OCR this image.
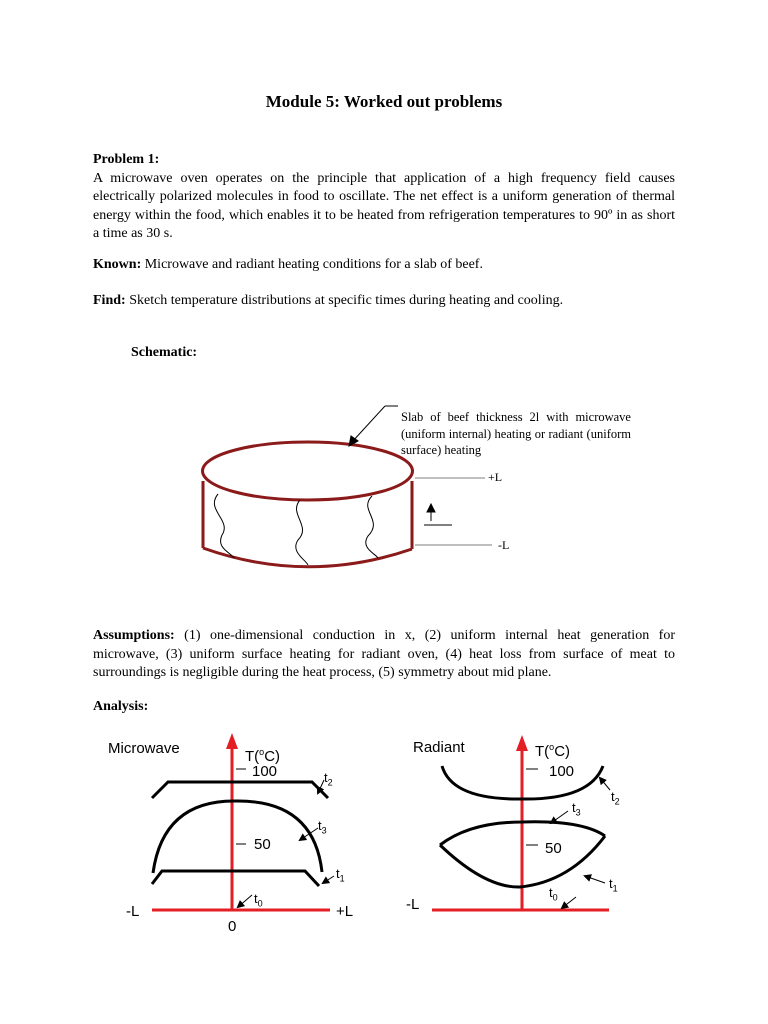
Module 5: Worked out problems
Problem 1:
A microwave oven operates on the principle that application of a high frequency field causes electrically polarized molecules in food to oscillate. The net effect is a uniform generation of thermal energy within the food, which enables it to be heated from refrigeration temperatures to 90º in as short a time as 30 s.
Known: Microwave and radiant heating conditions for a slab of beef.
Find: Sketch temperature distributions at specific times during heating and cooling.
Schematic:
Slab of beef thickness 2l with microwave
(uniform internal) heating or radiant (uniform
surface) heating
+L
-L
Assumptions: (1) one-dimensional conduction in x, (2) uniform internal heat generation for microwave, (3) uniform surface heating for radiant oven, (4) heat loss from surface of meat to surroundings is negligible during the heat process, (5) symmetry about mid plane.
Analysis:
Microwave	T($^o$C)
100
50
$t_2$
$t_3$
$t_1$
$t_0$
-L	+L
0
Radiant	T($^o$C)
100
50
$t_2$
$t_3$
$t_1$
$t_0$
-L
